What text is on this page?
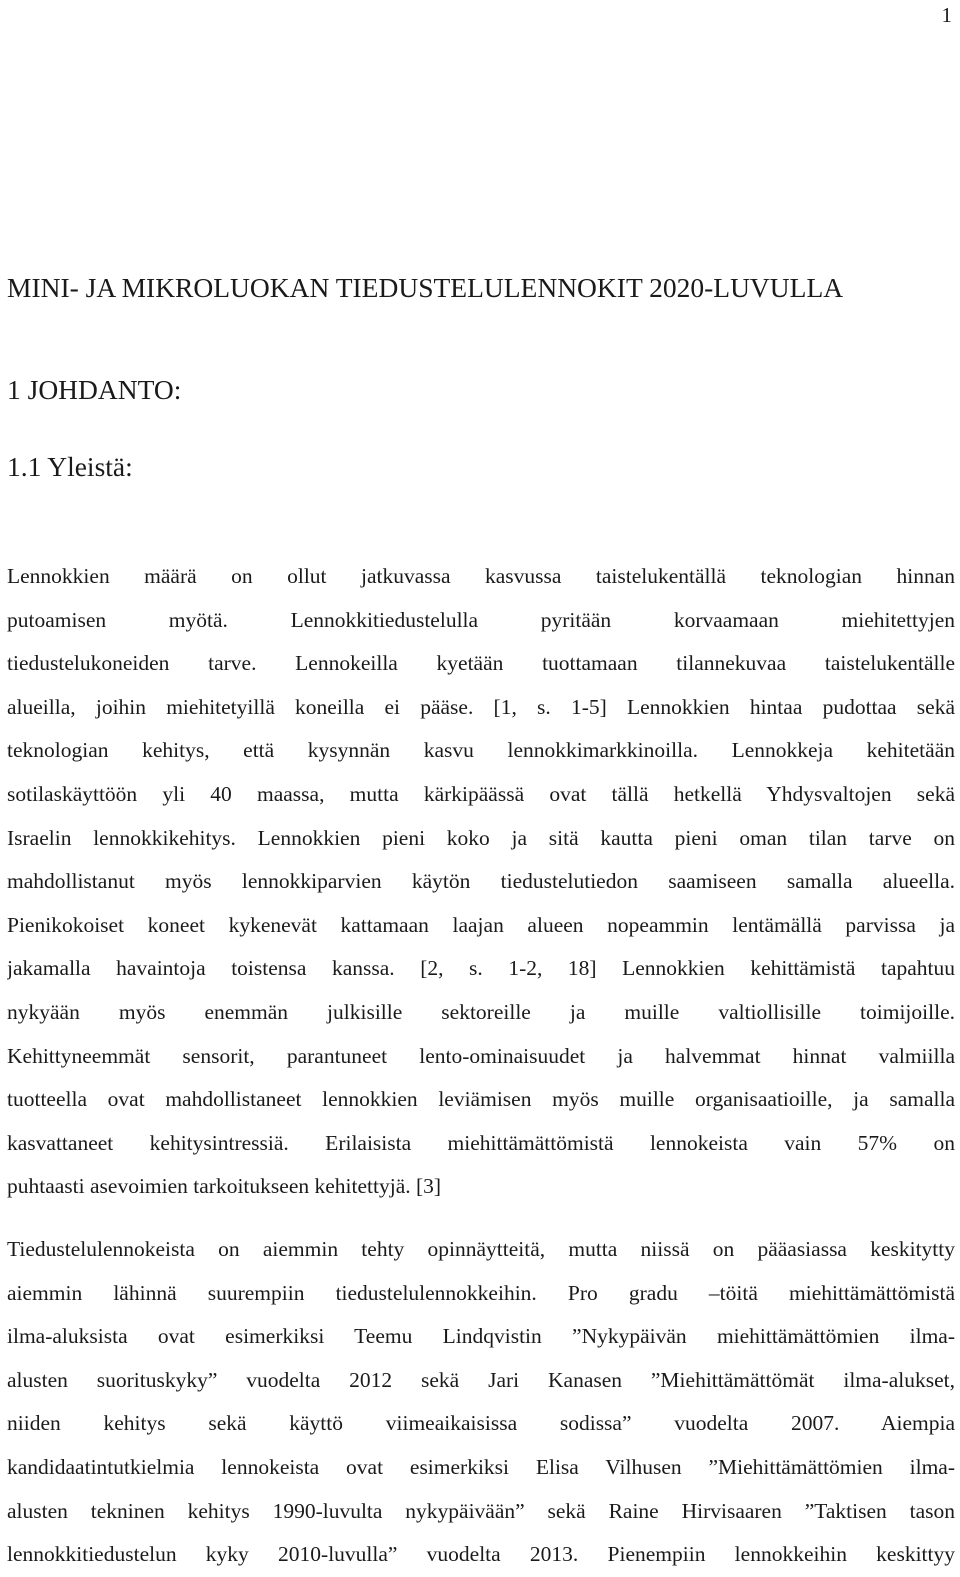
1
MINI- JA MIKROLUOKAN TIEDUSTELULENNOKIT 2020-LUVULLA
1 JOHDANTO:
1.1 Yleistä:
Lennokkien määrä on ollut jatkuvassa kasvussa taistelukentällä teknologian hinnan
putoamisen myötä. Lennokkitiedustelulla pyritään korvaamaan miehitettyjen
tiedustelukoneiden tarve. Lennokeilla kyetään tuottamaan tilannekuvaa taistelukentälle
alueilla, joihin miehitetyillä koneilla ei pääse. [1, s. 1-5] Lennokkien hintaa pudottaa sekä
teknologian kehitys, että kysynnän kasvu lennokkimarkkinoilla. Lennokkeja kehitetään
sotilaskäyttöön yli 40 maassa, mutta kärkipäässä ovat tällä hetkellä Yhdysvaltojen sekä
Israelin lennokkikehitys. Lennokkien pieni koko ja sitä kautta pieni oman tilan tarve on
mahdollistanut myös lennokkiparvien käytön tiedustelutiedon saamiseen samalla alueella.
Pienikokoiset koneet kykenevät kattamaan laajan alueen nopeammin lentämällä parvissa ja
jakamalla havaintoja toistensa kanssa. [2, s. 1-2, 18] Lennokkien kehittämistä tapahtuu
nykyään myös enemmän julkisille sektoreille ja muille valtiollisille toimijoille.
Kehittyneemmät sensorit, parantuneet lento-ominaisuudet ja halvemmat hinnat valmiilla
tuotteella ovat mahdollistaneet lennokkien leviämisen myös muille organisaatioille, ja samalla
kasvattaneet kehitysintressiä. Erilaisista miehittämättömistä lennokeista vain 57% on
puhtaasti asevoimien tarkoitukseen kehitettyjä. [3]
Tiedustelulennokeista on aiemmin tehty opinnäytteitä, mutta niissä on pääasiassa keskitytty
aiemmin lähinnä suurempiin tiedustelulennokkeihin. Pro gradu –töitä miehittämättömistä
ilma-aluksista ovat esimerkiksi Teemu Lindqvistin ”Nykypäivän miehittämättömien ilma-
alusten suorituskyky” vuodelta 2012 sekä Jari Kanasen ”Miehittämättömät ilma-alukset,
niiden kehitys sekä käyttö viimeaikaisissa sodissa” vuodelta 2007. Aiempia
kandidaatintutkielmia lennokeista ovat esimerkiksi Elisa Vilhusen ”Miehittämättömien ilma-
alusten tekninen kehitys 1990-luvulta nykypäivään” sekä Raine Hirvisaaren ”Taktisen tason
lennokkitiedustelun kyky 2010-luvulla” vuodelta 2013. Pienempiin lennokkeihin keskittyy
